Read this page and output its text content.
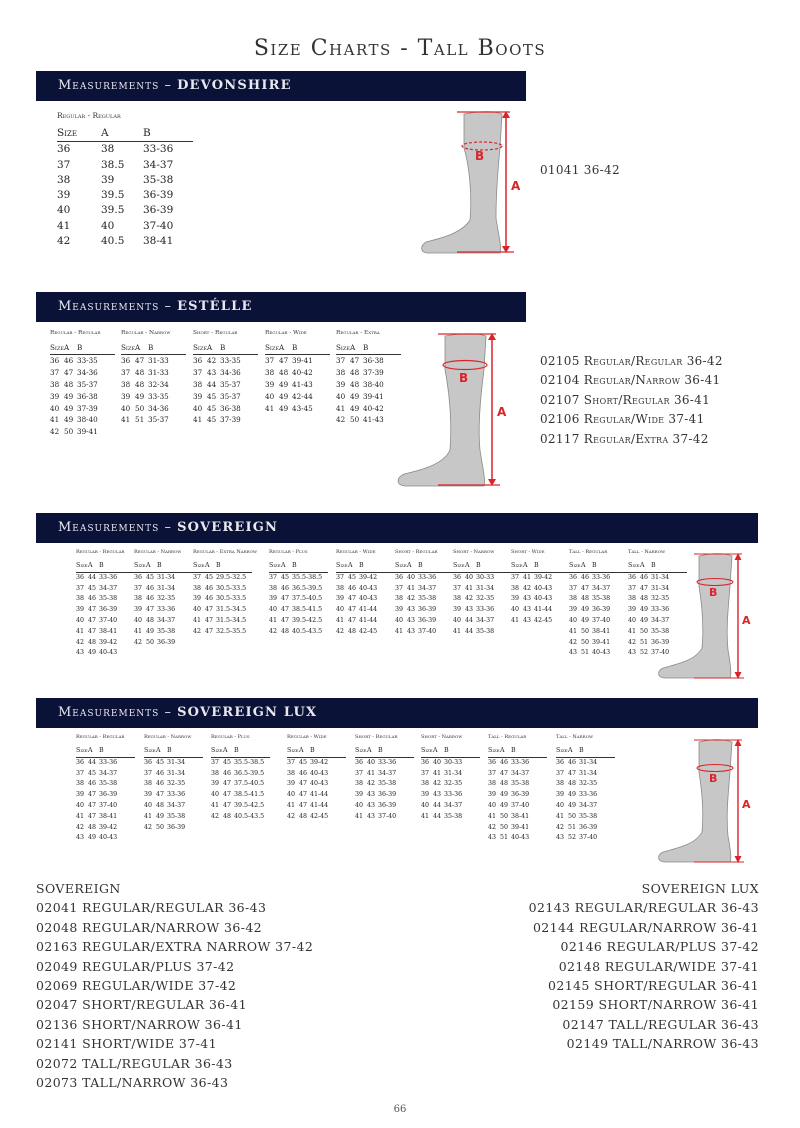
Size Charts - Tall Boots
Measurements – DEVONSHIRE
Regular - Regular
Size	A	B
36	38	33-36
37	38.5	34-37
38	39	35-38
39	39.5	36-39
40	39.5	36-39
41	40	37-40
42	40.5	38-41
01041 36-42
Measurements – ESTÉLLE
Regular - Regular
Size	A	B
36	46	33-35
37	47	34-36
38	48	35-37
39	49	36-38
40	49	37-39
41	49	38-40
42	50	39-41
Regular - Narrow
Size	A	B
36	47	31-33
37	48	31-33
38	48	32-34
39	49	33-35
40	50	34-36
41	51	35-37
Short - Regular
Size	A	B
36	42	33-35
37	43	34-36
38	44	35-37
39	45	35-37
40	45	36-38
41	45	37-39
Regular - Wide
Size	A	B
37	47	39-41
38	48	40-42
39	49	41-43
40	49	42-44
41	49	43-45
Regular - Extra
Size	A	B
37	47	36-38
38	48	37-39
39	48	38-40
40	49	39-41
41	49	40-42
42	50	41-43
02105 Regular/Regular 36-42
02104 Regular/Narrow 36-41
02107 Short/Regular 36-41
02106 Regular/Wide 37-41
02117 Regular/Extra 37-42
Measurements – SOVEREIGN
Regular - Regular
Size	A	B
36	44	33-36
37	45	34-37
38	46	35-38
39	47	36-39
40	47	37-40
41	47	38-41
42	48	39-42
43	49	40-43
Regular - Narrow
Size	A	B
36	45	31-34
37	46	31-34
38	46	32-35
39	47	33-36
40	48	34-37
41	49	35-38
42	50	36-39
Regular - Extra Narrow
Size	A	B
37	45	29.5-32.5
38	46	30.5-33.5
39	46	30.5-33.5
40	47	31.5-34.5
41	47	31.5-34.5
42	47	32.5-35.5
Regular - Plus
Size	A	B
37	45	35.5-38.5
38	46	36.5-39.5
39	47	37.5-40.5
40	47	38.5-41.5
41	47	39.5-42.5
42	48	40.5-43.5
Regular - Wide
Size	A	B
37	45	39-42
38	46	40-43
39	47	40-43
40	47	41-44
41	47	41-44
42	48	42-45
Short - Regular
Size	A	B
36	40	33-36
37	41	34-37
38	42	35-38
39	43	36-39
40	43	36-39
41	43	37-40
Short - Narrow
Size	A	B
36	40	30-33
37	41	31-34
38	42	32-35
39	43	33-36
40	44	34-37
41	44	35-38
Short - Wide
Size	A	B
37	41	39-42
38	42	40-43
39	43	40-43
40	43	41-44
41	43	42-45
Tall - Regular
Size	A	B
36	46	33-36
37	47	34-37
38	48	35-38
39	49	36-39
40	49	37-40
41	50	38-41
42	50	39-41
43	51	40-43
Tall - Narrow
Size	A	B
36	46	31-34
37	47	31-34
38	48	32-35
39	49	33-36
40	49	34-37
41	50	35-38
42	51	36-39
43	52	37-40
Measurements – SOVEREIGN LUX
Regular - Regular
Size	A	B
36	44	33-36
37	45	34-37
38	46	35-38
39	47	36-39
40	47	37-40
41	47	38-41
42	48	39-42
43	49	40-43
Regular - Narrow
Size	A	B
36	45	31-34
37	46	31-34
38	46	32-35
39	47	33-36
40	48	34-37
41	49	35-38
42	50	36-39
Regular - Plus
Size	A	B
37	45	35.5-38.5
38	46	36.5-39.5
39	47	37.5-40.5
40	47	38.5-41.5
41	47	39.5-42.5
42	48	40.5-43.5
Regular - Wide
Size	A	B
37	45	39-42
38	46	40-43
39	47	40-43
40	47	41-44
41	47	41-44
42	48	42-45
Short - Regular
Size	A	B
36	40	33-36
37	41	34-37
38	42	35-38
39	43	36-39
40	43	36-39
41	43	37-40
Short - Narrow
Size	A	B
36	40	30-33
37	41	31-34
38	42	32-35
39	43	33-36
40	44	34-37
41	44	35-38
Tall - Regular
Size	A	B
36	46	33-36
37	47	34-37
38	48	35-38
39	49	36-39
40	49	37-40
41	50	38-41
42	50	39-41
43	51	40-43
Tall - Narrow
Size	A	B
36	46	31-34
37	47	31-34
38	48	32-35
39	49	33-36
40	49	34-37
41	50	35-38
42	51	36-39
43	52	37-40
B
A
B
A
B
A
B
A
SOVEREIGN
02041 REGULAR/REGULAR 36-43
02048 REGULAR/NARROW 36-42
02163 REGULAR/EXTRA NARROW 37-42
02049 REGULAR/PLUS 37-42
02069 REGULAR/WIDE 37-42
02047 SHORT/REGULAR 36-41
02136 SHORT/NARROW 36-41
02141 SHORT/WIDE 37-41
02072 TALL/REGULAR 36-43
02073 TALL/NARROW 36-43
SOVEREIGN LUX
02143 REGULAR/REGULAR 36-43
02144 REGULAR/NARROW 36-41
02146 REGULAR/PLUS 37-42
02148 REGULAR/WIDE 37-41
02145 SHORT/REGULAR 36-41
02159 SHORT/NARROW 36-41
02147 TALL/REGULAR 36-43
02149 TALL/NARROW 36-43
66
